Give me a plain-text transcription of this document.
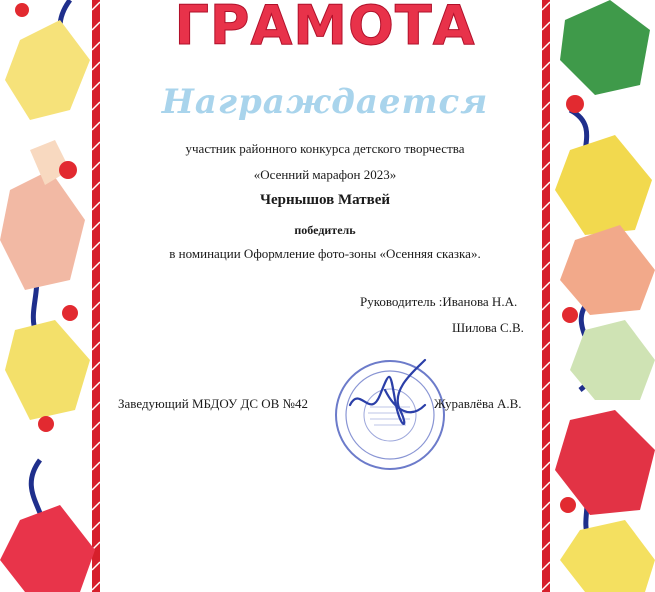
ГРАМОТА
Награждается
участник районного конкурса детского творчества
«Осенний марафон 2023»
Чернышов Матвей
победитель
в номинации Оформление фото-зоны «Осенняя сказка».
Руководитель :Иванова Н.А.
Шилова С.В.
Заведующий МБДОУ ДС ОВ №42	Журавлёва А.В.
